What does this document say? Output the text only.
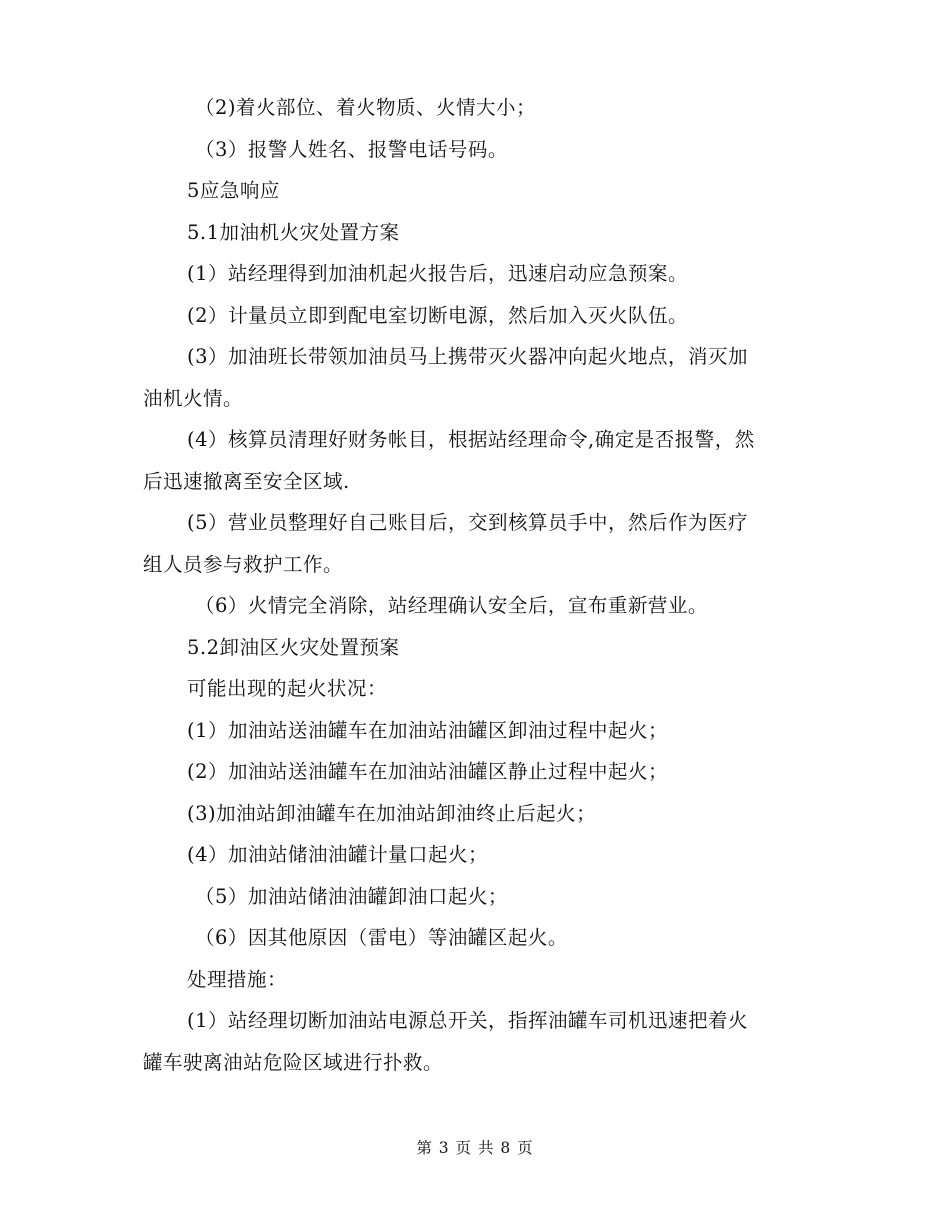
（2)着火部位、着火物质、火情大小；
（3）报警人姓名、报警电话号码。
5应急响应
5.1加油机火灾处置方案
(1）站经理得到加油机起火报告后，迅速启动应急预案。
(2）计量员立即到配电室切断电源，然后加入灭火队伍。
(3）加油班长带领加油员马上携带灭火器冲向起火地点，消灭加
油机火情。
(4）核算员清理好财务帐目，根据站经理命令,确定是否报警，然
后迅速撤离至安全区域.
(5）营业员整理好自己账目后，交到核算员手中，然后作为医疗
组人员参与救护工作。
（6）火情完全消除，站经理确认安全后，宣布重新营业。
5.2卸油区火灾处置预案
可能出现的起火状况：
(1）加油站送油罐车在加油站油罐区卸油过程中起火；
(2）加油站送油罐车在加油站油罐区静止过程中起火；
(3)加油站卸油罐车在加油站卸油终止后起火；
(4）加油站储油油罐计量口起火；
（5）加油站储油油罐卸油口起火；
（6）因其他原因（雷电）等油罐区起火。
处理措施：
(1）站经理切断加油站电源总开关，指挥油罐车司机迅速把着火
罐车驶离油站危险区域进行扑救。
第 3 页 共 8 页
